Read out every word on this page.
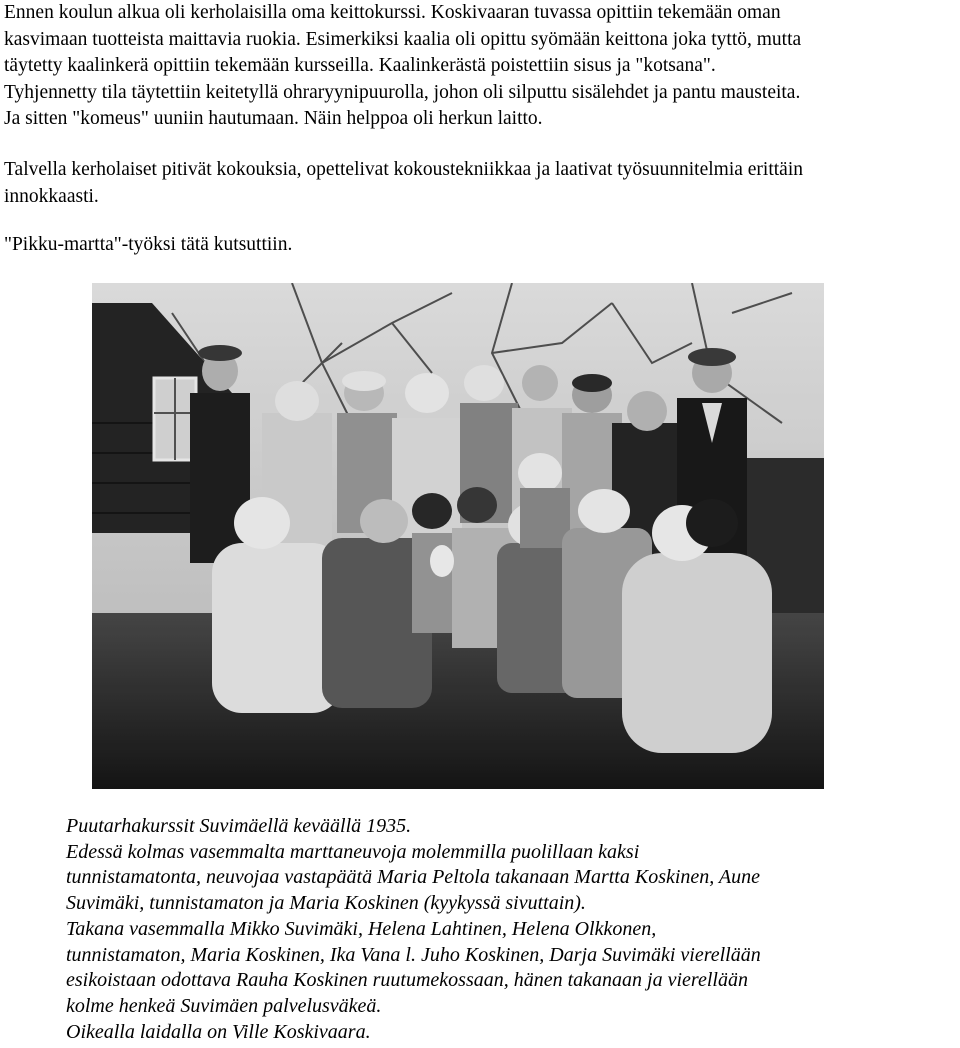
Ennen koulun alkua oli kerholaisilla oma keittokurssi. Koskivaaran tuvassa opittiin tekemään oman
kasvimaan tuotteista maittavia ruokia. Esimerkiksi kaalia oli opittu syömään keittona joka tyttö, mutta
täytetty kaalinkerä opittiin tekemään kursseilla. Kaalinkerästä poistettiin sisus ja "kotsana".
Tyhjennetty tila täytettiin keitetyllä ohraryynipuurolla, johon oli silputtu sisälehdet ja pantu mausteita.
Ja sitten "komeus" uuniin hautumaan. Näin helppoa oli herkun laitto.

Talvella kerholaiset pitivät kokouksia, opettelivat kokoustekniikkaa ja laativat työsuunnitelmia erittäin
innokkaasti.

"Pikku-martta"-työksi tätä kutsuttiin.

Puutarhakurssit Suvimäellä keväällä 1935.
Edessä kolmas vasemmalta marttaneuvoja molemmilla puolillaan kaksi
tunnistamatonta, neuvojaa vastapäätä Maria Peltola takanaan Martta Koskinen, Aune
Suvimäki, tunnistamaton ja Maria Koskinen (kyykyssä sivuttain).
Takana vasemmalla Mikko Suvimäki, Helena Lahtinen, Helena Olkkonen,
tunnistamaton, Maria Koskinen, Ika Vana l. Juho Koskinen, Darja Suvimäki vierellään
esikoistaan odottava Rauha Koskinen ruutumekossaan, hänen takanaan ja vierellään
kolme henkeä Suvimäen palvelusväkeä.
Oikealla laidalla on Ville Koskivaara.
